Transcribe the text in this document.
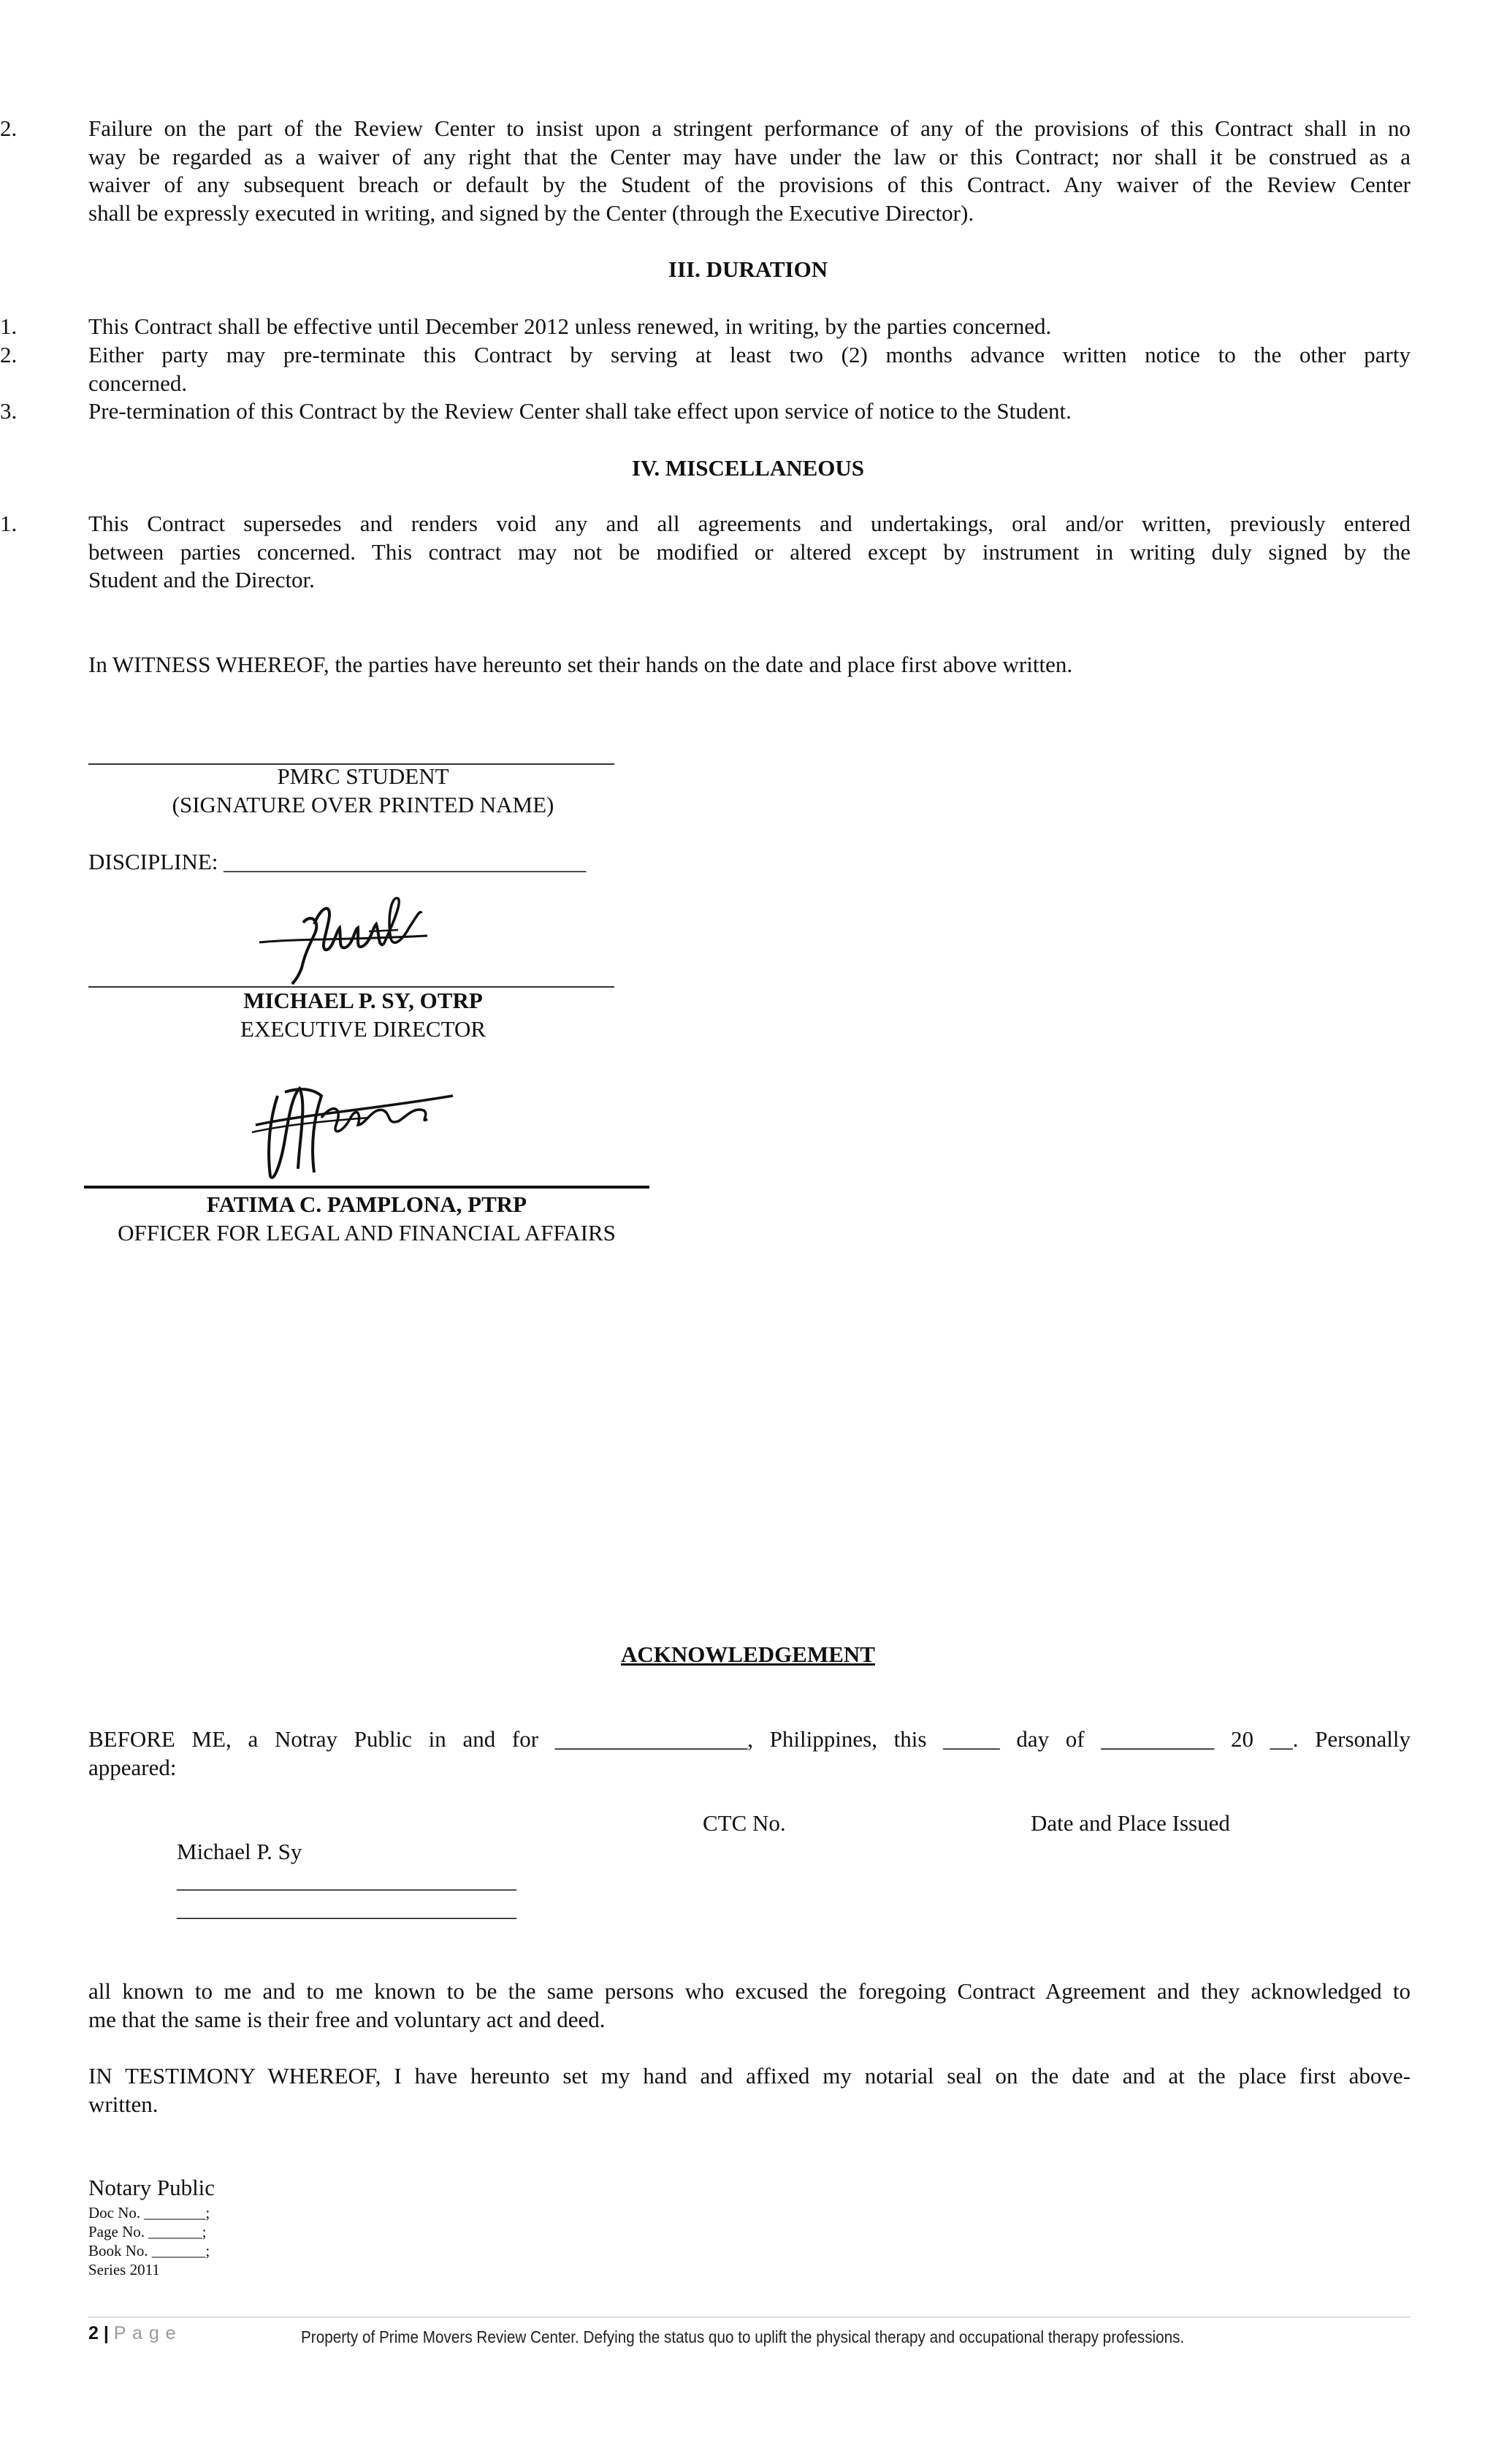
2.	Failure on the part of the Review Center to insist upon a stringent performance of any of the provisions of this Contract shall in no
way be regarded as a waiver of any right that the Center may have under the law or this Contract; nor shall it be construed as a
waiver of any subsequent breach or default by the Student of the provisions of this Contract. Any waiver of the Review Center
shall be expressly executed in writing, and signed by the Center (through the Executive Director).
III. DURATION
1.	This Contract shall be effective until December 2012 unless renewed, in writing, by the parties concerned.
2.	Either party may pre-terminate this Contract by serving at least two (2) months advance written notice to the other party
concerned.
3.	Pre-termination of this Contract by the Review Center shall take effect upon service of notice to the Student.
IV. MISCELLANEOUS
1.	This Contract supersedes and renders void any and all agreements and undertakings, oral and/or written, previously entered
between parties concerned. This contract may not be modified or altered except by instrument in writing duly signed by the
Student and the Director.
In WITNESS WHEREOF, the parties have hereunto set their hands on the date and place first above written.
PMRC STUDENT
(SIGNATURE OVER PRINTED NAME)
DISCIPLINE: ________________________________
MICHAEL P. SY, OTRP
EXECUTIVE DIRECTOR
FATIMA C. PAMPLONA, PTRP
OFFICER FOR LEGAL AND FINANCIAL AFFAIRS
ACKNOWLEDGEMENT
BEFORE ME, a Notray Public in and for _________________, Philippines, this _____ day of __________ 20 __. Personally
appeared:
CTC No.	Date and Place Issued
Michael P. Sy
______________________________
______________________________
all known to me and to me known to be the same persons who excused the foregoing Contract Agreement and they acknowledged to
me that the same is their free and voluntary act and deed.
IN TESTIMONY WHEREOF, I have hereunto set my hand and affixed my notarial seal on the date and at the place first above-
written.
Notary Public
Doc No. ________;
Page No. _______;
Book No. _______;
Series 2011
2 | P a g e	Property of Prime Movers Review Center. Defying the status quo to uplift the physical therapy and occupational therapy professions.
